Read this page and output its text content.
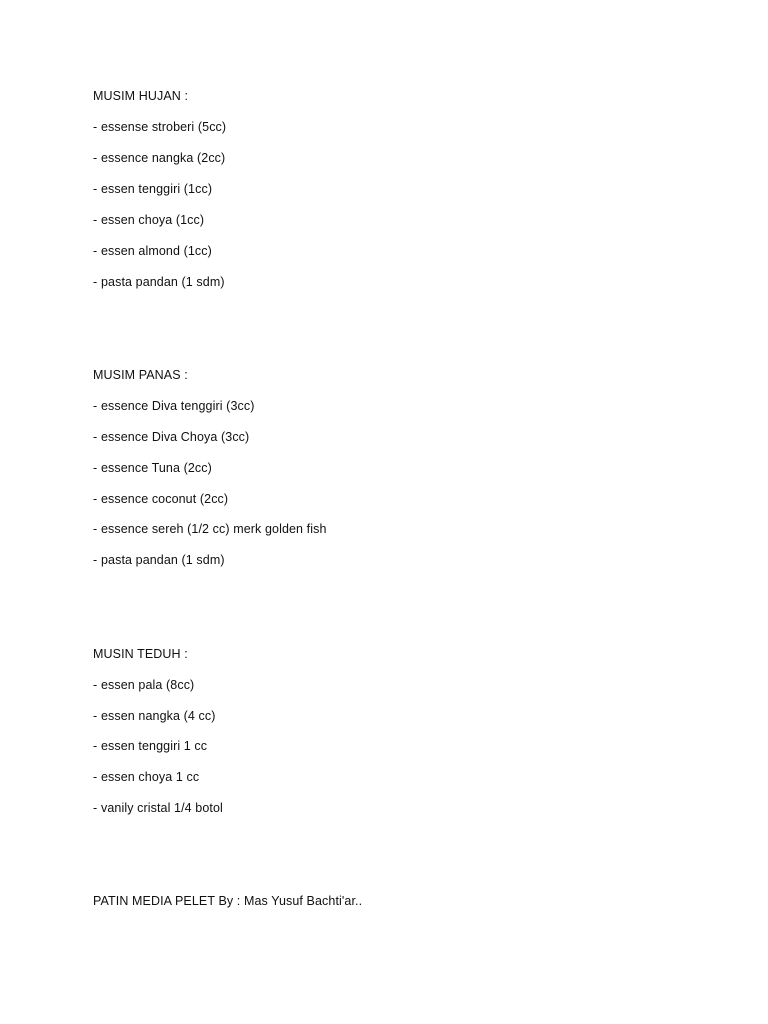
MUSIM HUJAN :
- essense stroberi (5cc)
- essence nangka (2cc)
- essen tenggiri (1cc)
- essen choya (1cc)
- essen almond (1cc)
- pasta pandan (1 sdm)
MUSIM PANAS :
- essence Diva tenggiri (3cc)
- essence Diva Choya (3cc)
- essence Tuna (2cc)
- essence coconut (2cc)
- essence sereh (1/2 cc) merk golden fish
- pasta pandan (1 sdm)
MUSIN TEDUH :
- essen pala (8cc)
- essen nangka (4 cc)
- essen tenggiri 1 cc
- essen choya 1 cc
- vanily cristal 1/4 botol
PATIN MEDIA PELET By : Mas Yusuf Bachti'ar..
